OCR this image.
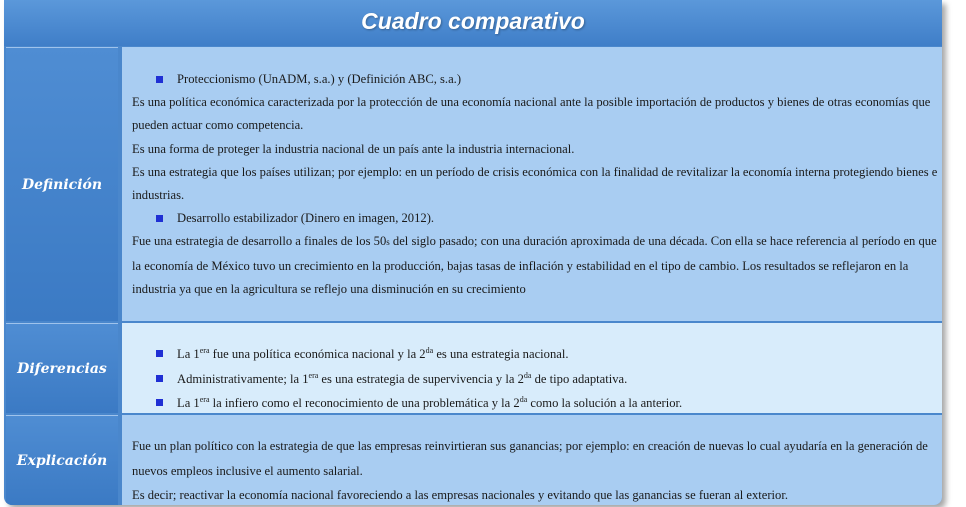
Cuadro comparativo
Definición
Proteccionismo (UnADM, s.a.) y (Definición ABC, s.a.)

Es una política económica caracterizada por la protección de una economía nacional ante la posible importación de productos y bienes de otras economías que pueden actuar como competencia.

Es una forma de proteger la industria nacional de un país ante la industria internacional.

Es una estrategia que los países utilizan; por ejemplo: en un período de crisis económica con la finalidad de revitalizar la economía interna protegiendo bienes e industrias.

Desarrollo estabilizador (Dinero en imagen, 2012).

Fue una estrategia de desarrollo a finales de los 50s del siglo pasado; con una duración aproximada de una década. Con ella se hace referencia al período en que la economía de México tuvo un crecimiento en la producción, bajas tasas de inflación y estabilidad en el tipo de cambio. Los resultados se reflejaron en la industria ya que en la agricultura se reflejo una disminución en su crecimiento

Diferencias
La $1^{era}$ fue una política económica nacional y la $2^{da}$ es una estrategia nacional.
Administrativamente; la $1^{era}$ es una estrategia de supervivencia y la $2^{da}$ de tipo adaptativa.
La $1^{era}$ la infiero como el reconocimiento de una problemática y la $2^{da}$ como la solución a la anterior.
Explicación

Fue un plan político con la estrategia de que las empresas reinvirtieran sus ganancias; por ejemplo: en creación de nuevas lo cual ayudaría en la generación de nuevos empleos inclusive el aumento salarial.

Es decir; reactivar la economía nacional favoreciendo a las empresas nacionales y evitando que las ganancias se fueran al exterior.
